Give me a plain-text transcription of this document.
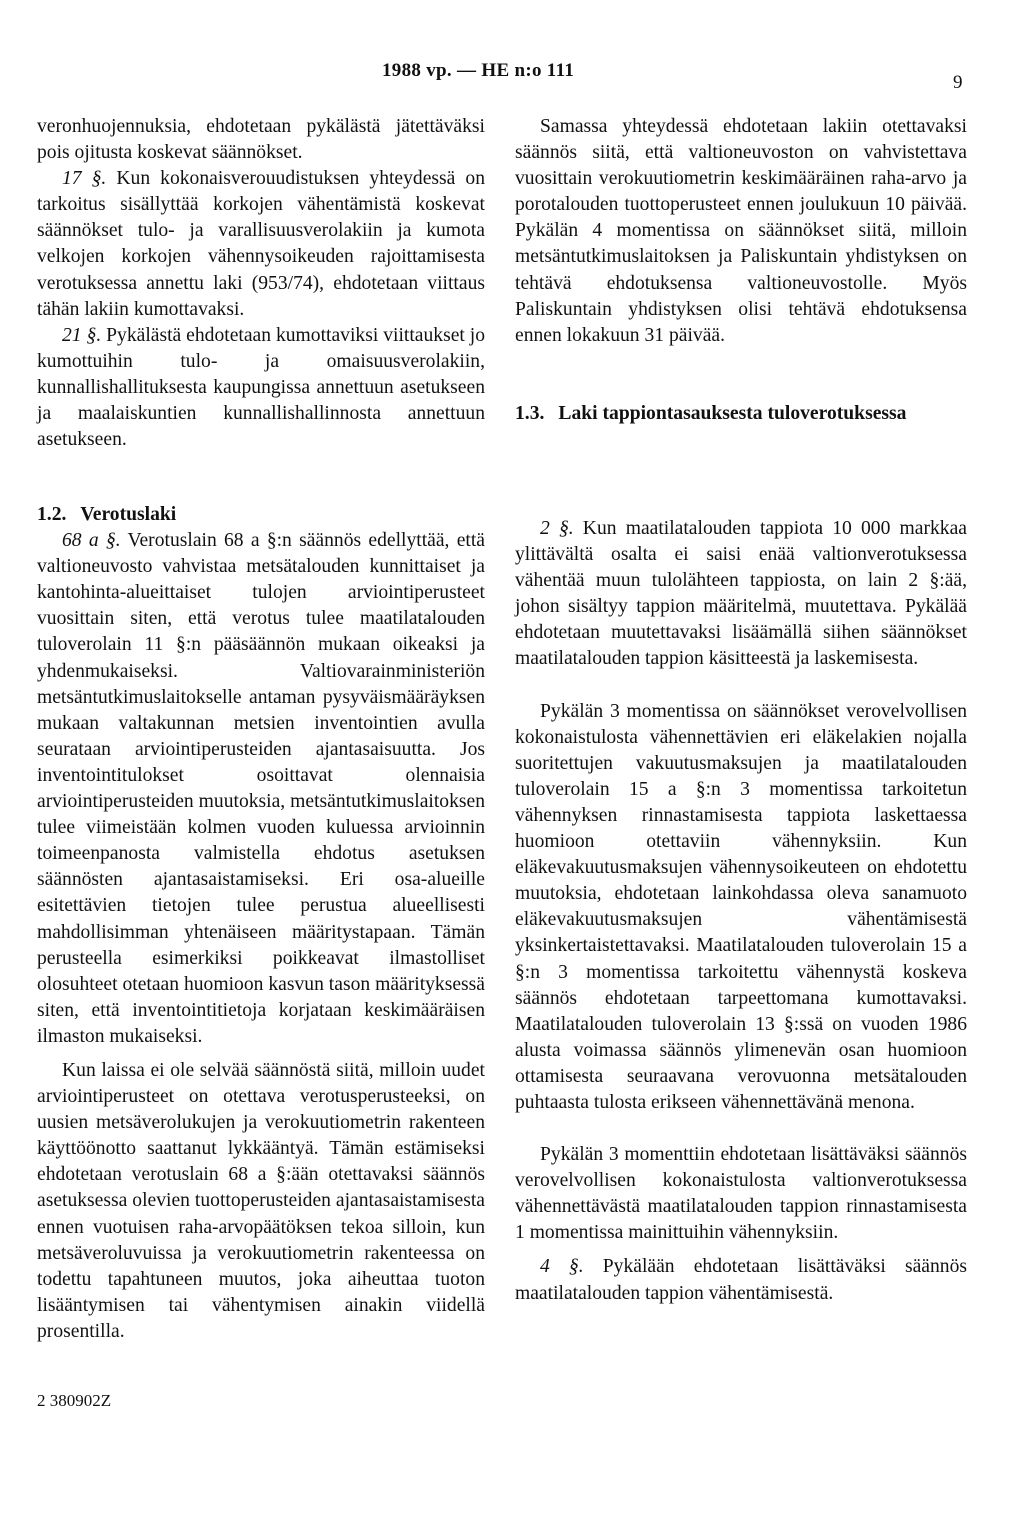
1988 vp. — HE n:o 111
9

veronhuojennuksia, ehdotetaan pykälästä jätettäväksi pois ojitusta koskevat säännökset.

17 §. Kun kokonaisverouudistuksen yhteydessä on tarkoitus sisällyttää korkojen vähentämistä koskevat säännökset tulo- ja varallisuusverolakiin ja kumota velkojen korkojen vähennysoikeuden rajoittamisesta verotuksessa annettu laki (953/74), ehdotetaan viittaus tähän lakiin kumottavaksi.

21 §. Pykälästä ehdotetaan kumottaviksi viittaukset jo kumottuihin tulo- ja omaisuusverolakiin, kunnallishallituksesta kaupungissa annettuun asetukseen ja maalaiskuntien kunnallishallinnosta annettuun asetukseen.

1.2. Verotuslaki

68 a §. Verotuslain 68 a §:n säännös edellyttää, että valtioneuvosto vahvistaa metsätalouden kunnittaiset ja kantohinta-alueittaiset tulojen arviointiperusteet vuosittain siten, että verotus tulee maatilatalouden tuloverolain 11 §:n pääsäännön mukaan oikeaksi ja yhdenmukaiseksi. Valtiovarainministeriön metsäntutkimuslaitokselle antaman pysyväismääräyksen mukaan valtakunnan metsien inventointien avulla seurataan arviointiperusteiden ajantasaisuutta. Jos inventointitulokset osoittavat olennaisia arviointiperusteiden muutoksia, metsäntutkimuslaitoksen tulee viimeistään kolmen vuoden kuluessa arvioinnin toimeenpanosta valmistella ehdotus asetuksen säännösten ajantasaistamiseksi. Eri osa-alueille esitettävien tietojen tulee perustua alueellisesti mahdollisimman yhtenäiseen määritystapaan. Tämän perusteella esimerkiksi poikkeavat ilmastolliset olosuhteet otetaan huomioon kasvun tason määrityksessä siten, että inventointitietoja korjataan keskimääräisen ilmaston mukaiseksi.

Kun laissa ei ole selvää säännöstä siitä, milloin uudet arviointiperusteet on otettava verotusperusteeksi, on uusien metsäverolukujen ja verokuutiometrin rakenteen käyttöönotto saattanut lykkääntyä. Tämän estämiseksi ehdotetaan verotuslain 68 a §:ään otettavaksi säännös asetuksessa olevien tuottoperusteiden ajantasaistamisesta ennen vuotuisen raha-arvopäätöksen tekoa silloin, kun metsäveroluvuissa ja verokuutiometrin rakenteessa on todettu tapahtuneen muutos, joka aiheuttaa tuoton lisääntymisen tai vähentymisen ainakin viidellä prosentilla.

Samassa yhteydessä ehdotetaan lakiin otettavaksi säännös siitä, että valtioneuvoston on vahvistettava vuosittain verokuutiometrin keskimääräinen raha-arvo ja porotalouden tuottoperusteet ennen joulukuun 10 päivää. Pykälän 4 momentissa on säännökset siitä, milloin metsäntutkimuslaitoksen ja Paliskuntain yhdistyksen on tehtävä ehdotuksensa valtioneuvostolle. Myös Paliskuntain yhdistyksen olisi tehtävä ehdotuksensa ennen lokakuun 31 päivää.

1.3. Laki tappiontasauksesta tuloverotuksessa

2 §. Kun maatilatalouden tappiota 10 000 markkaa ylittävältä osalta ei saisi enää valtionverotuksessa vähentää muun tulolähteen tappiosta, on lain 2 §:ää, johon sisältyy tappion määritelmä, muutettava. Pykälää ehdotetaan muutettavaksi lisäämällä siihen säännökset maatilatalouden tappion käsitteestä ja laskemisesta.

Pykälän 3 momentissa on säännökset verovelvollisen kokonaistulosta vähennettävien eri eläkelakien nojalla suoritettujen vakuutusmaksujen ja maatilatalouden tuloverolain 15 a §:n 3 momentissa tarkoitetun vähennyksen rinnastamisesta tappiota laskettaessa huomioon otettaviin vähennyksiin. Kun eläkevakuutusmaksujen vähennysoikeuteen on ehdotettu muutoksia, ehdotetaan lainkohdassa oleva sanamuoto eläkevakuutusmaksujen vähentämisestä yksinkertaistettavaksi. Maatilatalouden tuloverolain 15 a §:n 3 momentissa tarkoitettu vähennystä koskeva säännös ehdotetaan tarpeettomana kumottavaksi. Maatilatalouden tuloverolain 13 §:ssä on vuoden 1986 alusta voimassa säännös ylimenevän osan huomioon ottamisesta seuraavana verovuonna metsätalouden puhtaasta tulosta erikseen vähennettävänä menona.

Pykälän 3 momenttiin ehdotetaan lisättäväksi säännös verovelvollisen kokonaistulosta valtionverotuksessa vähennettävästä maatilatalouden tappion rinnastamisesta 1 momentissa mainittuihin vähennyksiin.

4 §. Pykälään ehdotetaan lisättäväksi säännös maatilatalouden tappion vähentämisestä.

2 380902Z
